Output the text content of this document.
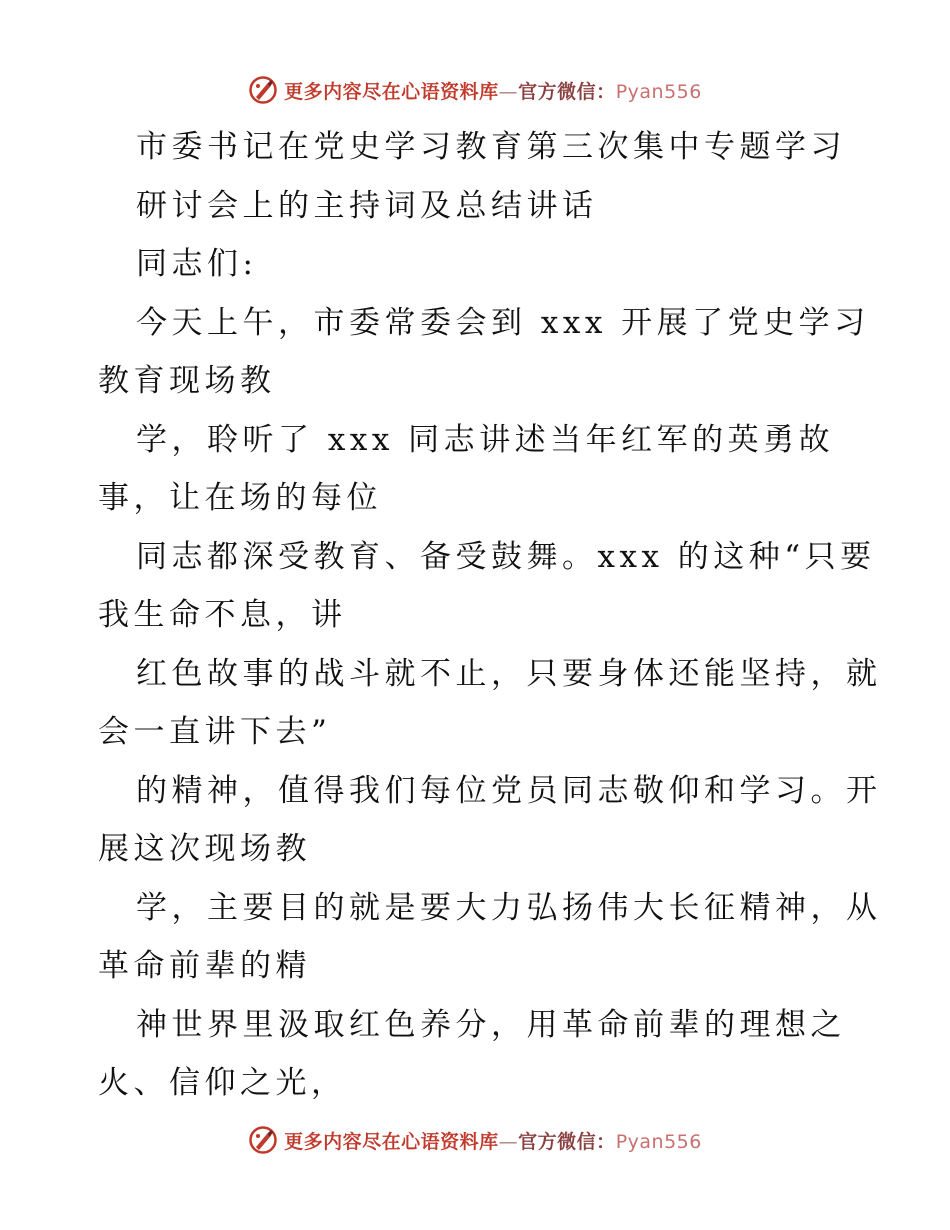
更多内容尽在心语资料库—官方微信：Pyan556
市委书记在党史学习教育第三次集中专题学习
研讨会上的主持词及总结讲话
同志们:
今天上午，市委常委会到 xxx 开展了党史学习
教育现场教
学，聆听了 xxx 同志讲述当年红军的英勇故
事，让在场的每位
同志都深受教育、备受鼓舞。xxx 的这种“只要
我生命不息，讲
红色故事的战斗就不止，只要身体还能坚持，就
会一直讲下去”
的精神，值得我们每位党员同志敬仰和学习。开
展这次现场教
学，主要目的就是要大力弘扬伟大长征精神，从
革命前辈的精
神世界里汲取红色养分，用革命前辈的理想之
火、信仰之光，
更多内容尽在心语资料库—官方微信：Pyan556
